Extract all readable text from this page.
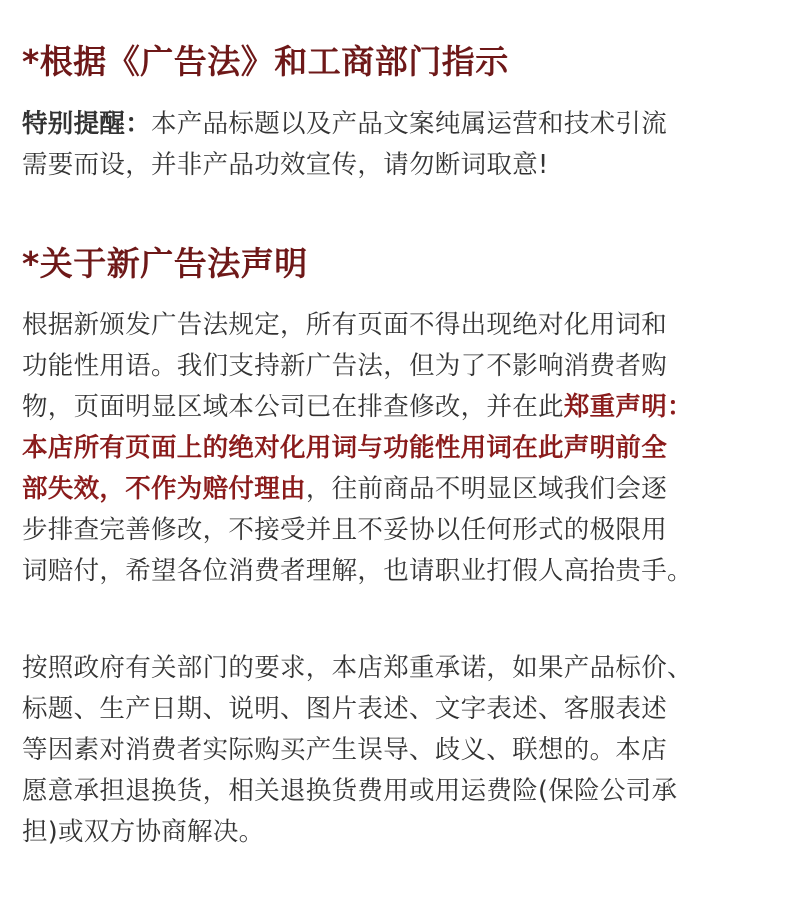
*根据《广告法》和工商部门指示

特别提醒：本产品标题以及产品文案纯属运营和技术引流
需要而设，并非产品功效宣传，请勿断词取意!

*关于新广告法声明

根据新颁发广告法规定，所有页面不得出现绝对化用词和
功能性用语。我们支持新广告法，但为了不影响消费者购
物，页面明显区域本公司已在排查修改，并在此郑重声明：
本店所有页面上的绝对化用词与功能性用词在此声明前全
部失效，不作为赔付理由，往前商品不明显区域我们会逐
步排查完善修改，不接受并且不妥协以任何形式的极限用
词赔付，希望各位消费者理解，也请职业打假人高抬贵手。

按照政府有关部门的要求，本店郑重承诺，如果产品标价、
标题、生产日期、说明、图片表述、文字表述、客服表述
等因素对消费者实际购买产生误导、歧义、联想的。本店
愿意承担退换货，相关退换货费用或用运费险(保险公司承
担)或双方协商解决。
